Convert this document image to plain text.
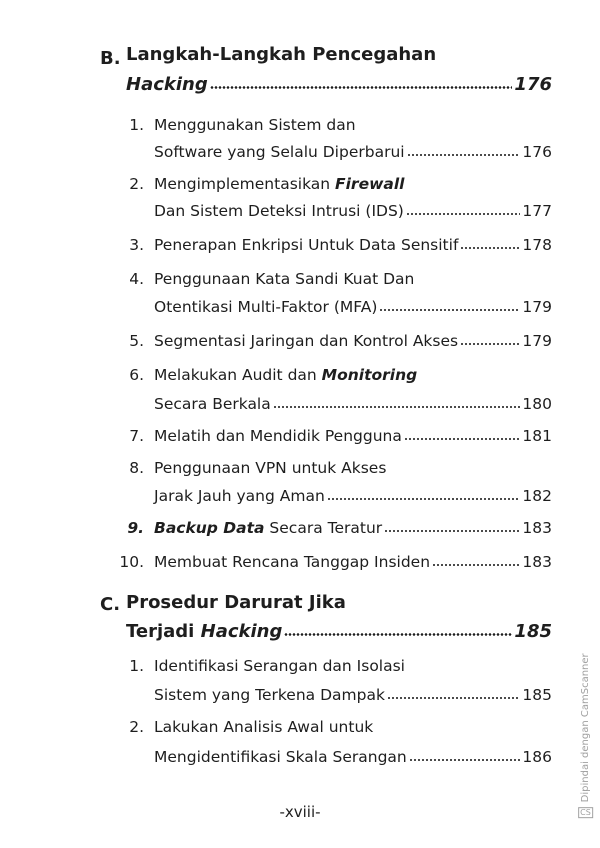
B. Langkah-Langkah Pencegahan
Hacking	176
1. Menggunakan Sistem dan
Software yang Selalu Diperbarui	176
2. Mengimplementasikan Firewall
Dan Sistem Deteksi Intrusi (IDS)	177
3. Penerapan Enkripsi Untuk Data Sensitif	178
4. Penggunaan Kata Sandi Kuat Dan
Otentikasi Multi-Faktor (MFA)	179
5. Segmentasi Jaringan dan Kontrol Akses	179
6. Melakukan Audit dan Monitoring
Secara Berkala	180
7. Melatih dan Mendidik Pengguna	181
8. Penggunaan VPN untuk Akses
Jarak Jauh yang Aman	182
9. Backup Data Secara Teratur	183
10. Membuat Rencana Tanggap Insiden	183
C. Prosedur Darurat Jika
Terjadi Hacking	185
1. Identifikasi Serangan dan Isolasi
Sistem yang Terkena Dampak	185
2. Lakukan Analisis Awal untuk
Mengidentifikasi Skala Serangan	186
-xviii-	CSDipindai dengan CamScanner
